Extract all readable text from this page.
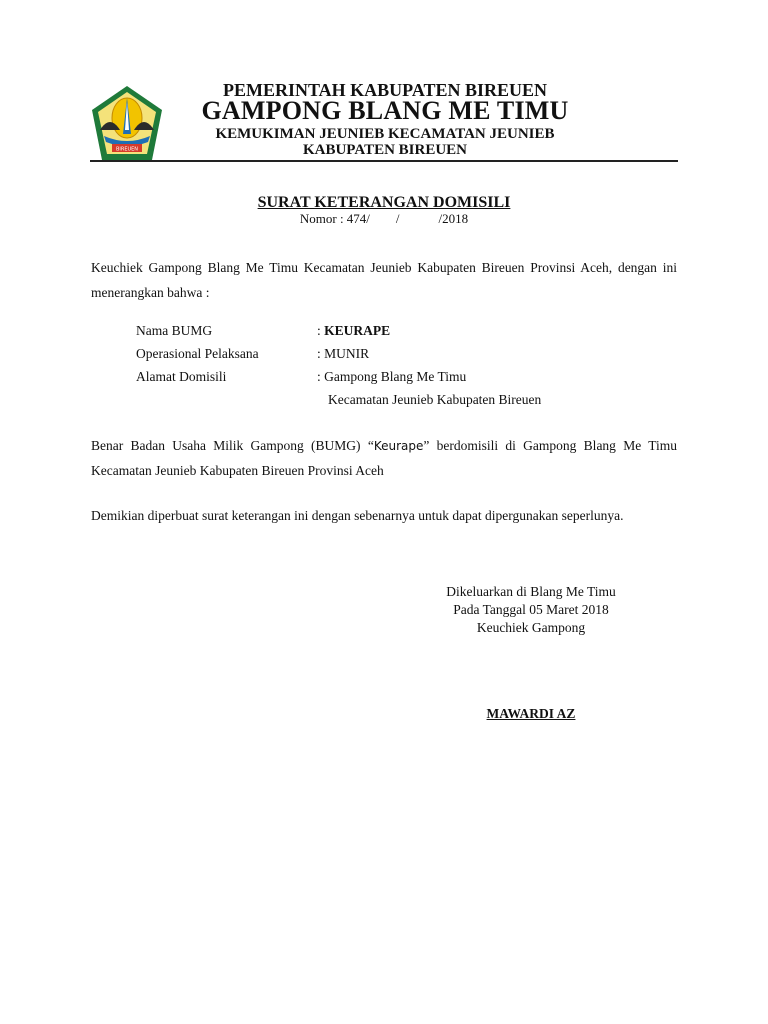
BIREUEN
PEMERINTAH KABUPATEN BIREUEN
GAMPONG BLANG ME TIMU
KEMUKIMAN JEUNIEB KECAMATAN JEUNIEB
KABUPATEN BIREUEN
SURAT KETERANGAN DOMISILI
Nomor : 474/        /            /2018
Keuchiek Gampong Blang Me Timu Kecamatan Jeunieb Kabupaten Bireuen Provinsi Aceh, dengan ini menerangkan bahwa :
Nama BUMG	: KEURAPE
Operasional Pelaksana	: MUNIR
Alamat Domisili	: Gampong Blang Me Timu
Kecamatan Jeunieb Kabupaten Bireuen
Benar Badan Usaha Milik Gampong (BUMG) “Keurape” berdomisili di Gampong Blang Me Timu Kecamatan Jeunieb Kabupaten Bireuen Provinsi Aceh
Demikian diperbuat surat keterangan ini dengan sebenarnya untuk dapat dipergunakan seperlunya.
Dikeluarkan di Blang Me Timu
Pada Tanggal 05 Maret 2018
Keuchiek Gampong
MAWARDI AZ
